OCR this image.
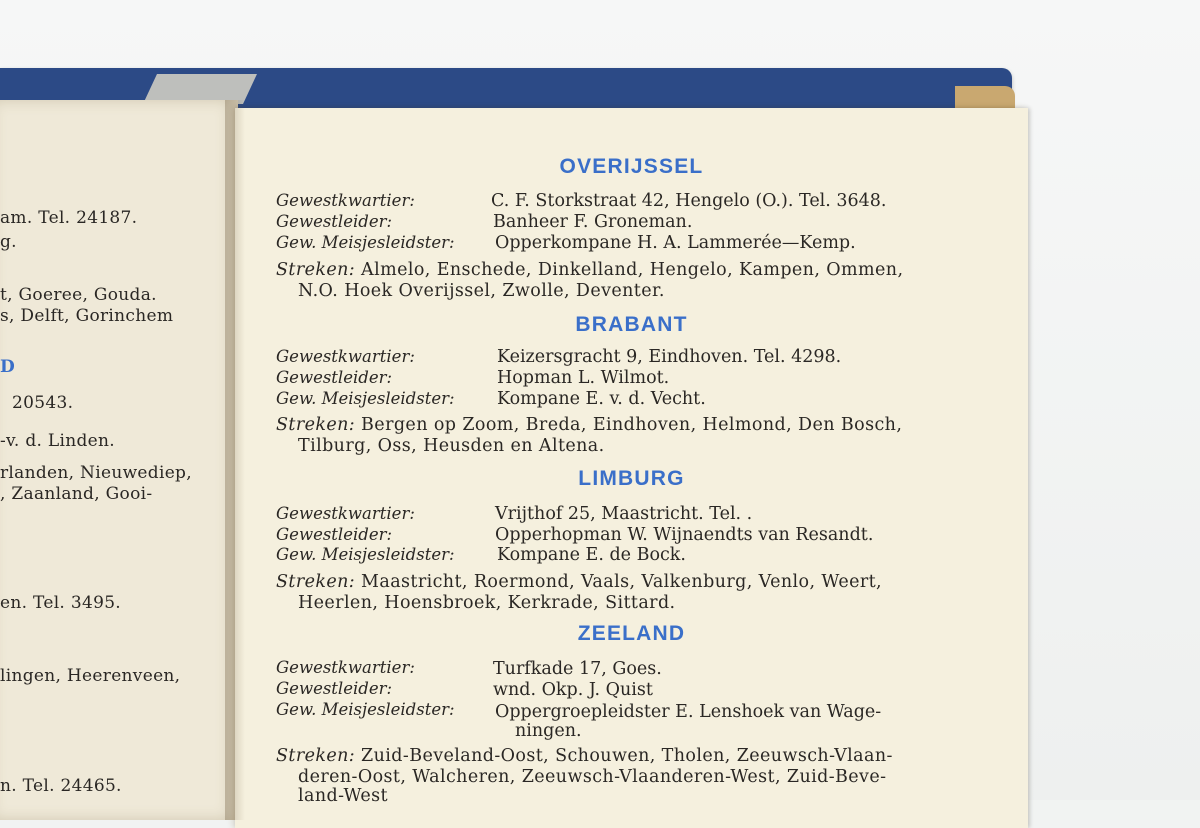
am. Tel. 24187.
g.
t, Goeree, Gouda.
s, Delft, Gorinchem
D
20543.
-v. d. Linden.
rlanden, Nieuwediep,
, Zaanland, Gooi-
en. Tel. 3495.
lingen, Heerenveen,
n. Tel. 24465.
OVERIJSSEL
Gewestkwartier:	C. F. Storkstraat 42, Hengelo (O.). Tel. 3648.
Gewestleider:	Banheer F. Groneman.
Gew. Meisjesleidster: Opperkompane H. A. Lammerée—Kemp.
Streken: Almelo, Enschede, Dinkelland, Hengelo, Kampen, Ommen,
N.O. Hoek Overijssel, Zwolle, Deventer.
BRABANT
Gewestkwartier:	Keizersgracht 9, Eindhoven. Tel. 4298.
Gewestleider:	Hopman L. Wilmot.
Gew. Meisjesleidster: Kompane E. v. d. Vecht.
Streken: Bergen op Zoom, Breda, Eindhoven, Helmond, Den Bosch,
Tilburg, Oss, Heusden en Altena.
LIMBURG
Gewestkwartier:	Vrijthof 25, Maastricht. Tel. .
Gewestleider:	Opperhopman W. Wijnaendts van Resandt.
Gew. Meisjesleidster: Kompane E. de Bock.
Streken: Maastricht, Roermond, Vaals, Valkenburg, Venlo, Weert,
Heerlen, Hoensbroek, Kerkrade, Sittard.
ZEELAND
Gewestkwartier:	Turfkade 17, Goes.
Gewestleider:	wnd. Okp. J. Quist
Gew. Meisjesleidster: Oppergroepleidster E. Lenshoek van Wage-
ningen.
Streken: Zuid-Beveland-Oost, Schouwen, Tholen, Zeeuwsch-Vlaan-
deren-Oost, Walcheren, Zeeuwsch-Vlaanderen-West, Zuid-Beve-
land-West
